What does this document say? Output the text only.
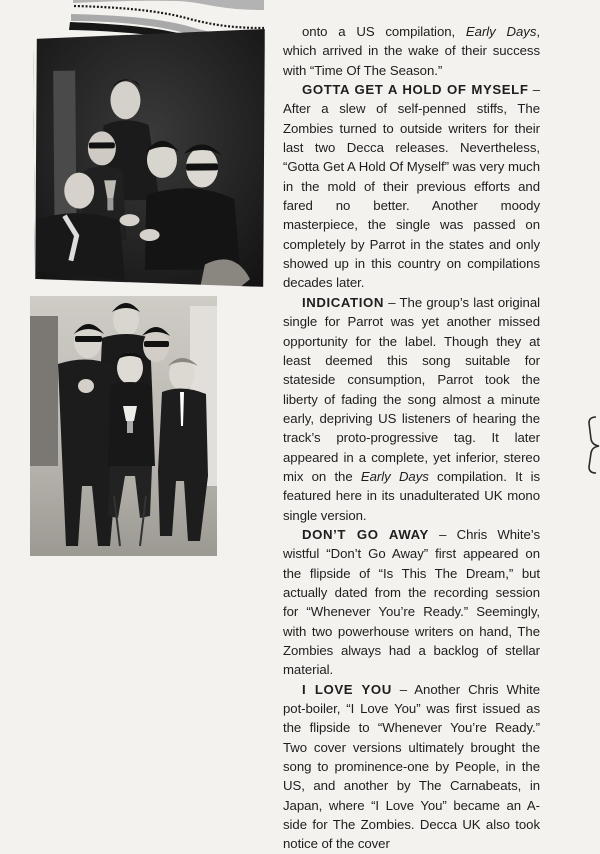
onto a US compilation, Early Days, which arrived in the wake of their success with “Time Of The Season.”

GOTTA GET A HOLD OF MYSELF – After a slew of self-penned stiffs, The Zombies turned to outside writers for their last two Decca releases. Nevertheless, “Gotta Get A Hold Of Myself” was very much in the mold of their previous efforts and fared no better. Another moody masterpiece, the single was passed on completely by Parrot in the states and only showed up in this country on compilations decades later.

INDICATION – The group’s last original single for Parrot was yet another missed opportunity for the label. Though they at least deemed this song suitable for stateside consumption, Parrot took the liberty of fading the song almost a minute early, depriving US listeners of hearing the track’s proto-progressive tag. It later appeared in a complete, yet inferior, stereo mix on the Early Days compilation. It is featured here in its unadulterated UK mono single version.

DON’T GO AWAY – Chris White’s wistful “Don’t Go Away” first appeared on the flipside of “Is This The Dream,” but actually dated from the recording session for “Whenever You’re Ready.” Seemingly, with two powerhouse writers on hand, The Zombies always had a backlog of stellar material.

I LOVE YOU – Another Chris White pot-boiler, “I Love You” was first issued as the flipside to “Whenever You’re Ready.” Two cover versions ultimately brought the song to prominence-one by People, in the US, and another by The Carnabeats, in Japan, where “I Love You” became an A-side for The Zombies. Decca UK also took notice of the cover
